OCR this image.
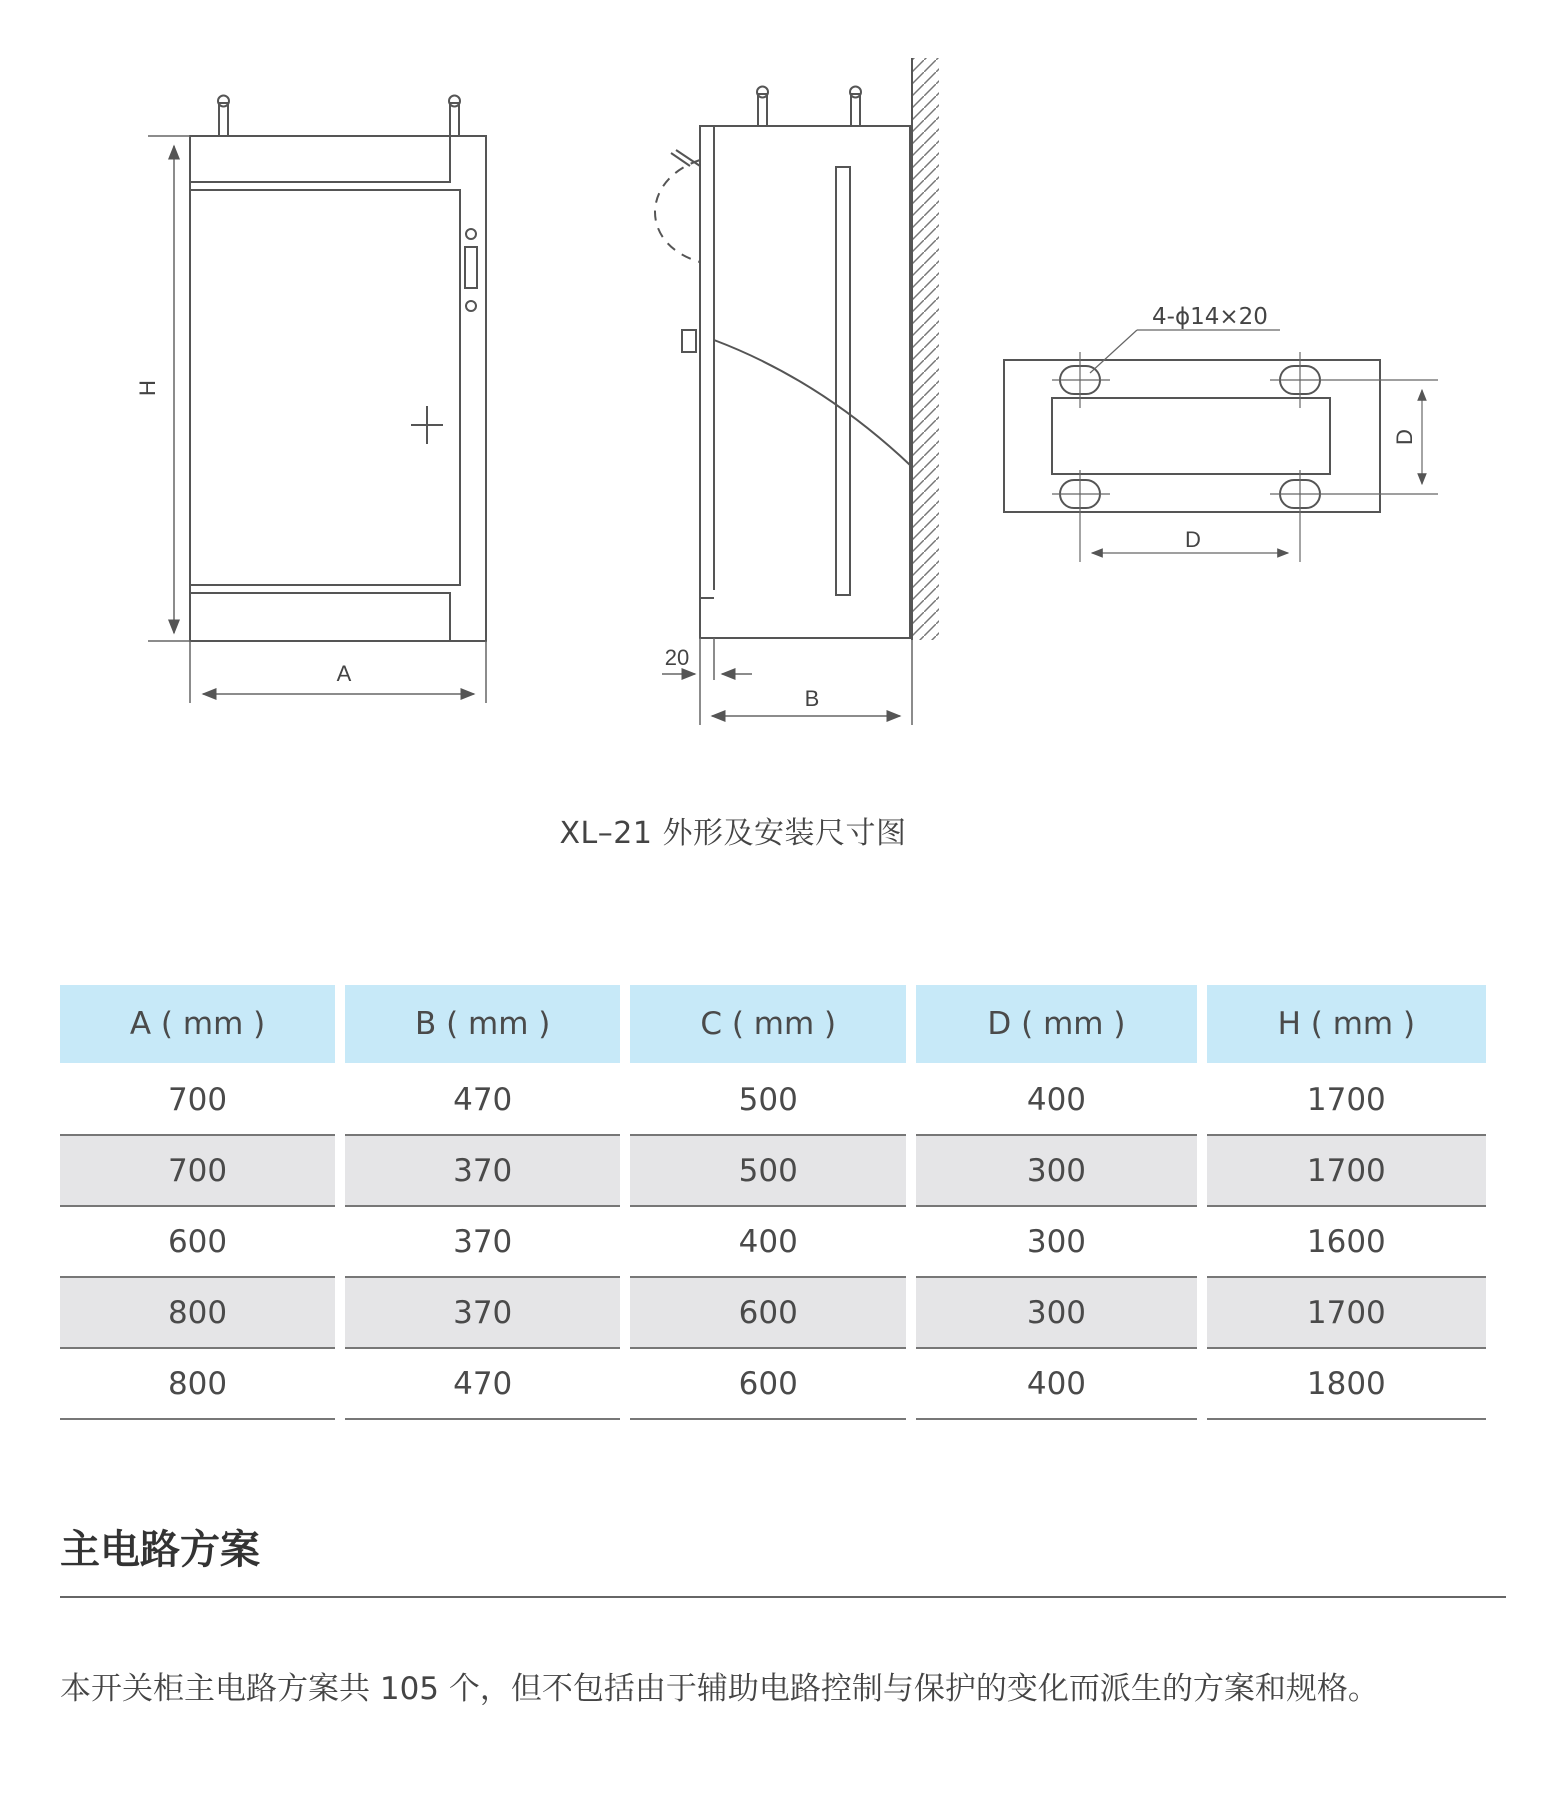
H
A
20
B
4-ϕ14×20
D
D
XL–21 外形及安装尺寸图
A ( mm )	B ( mm )	C ( mm )	D ( mm )	H ( mm )
700	470	500	400	1700
700	370	500	300	1700
600	370	400	300	1600
800	370	600	300	1700
800	470	600	400	1800
主电路方案

本开关柜主电路方案共 105 个，但不包括由于辅助电路控制与保护的变化而派生的方案和规格。
